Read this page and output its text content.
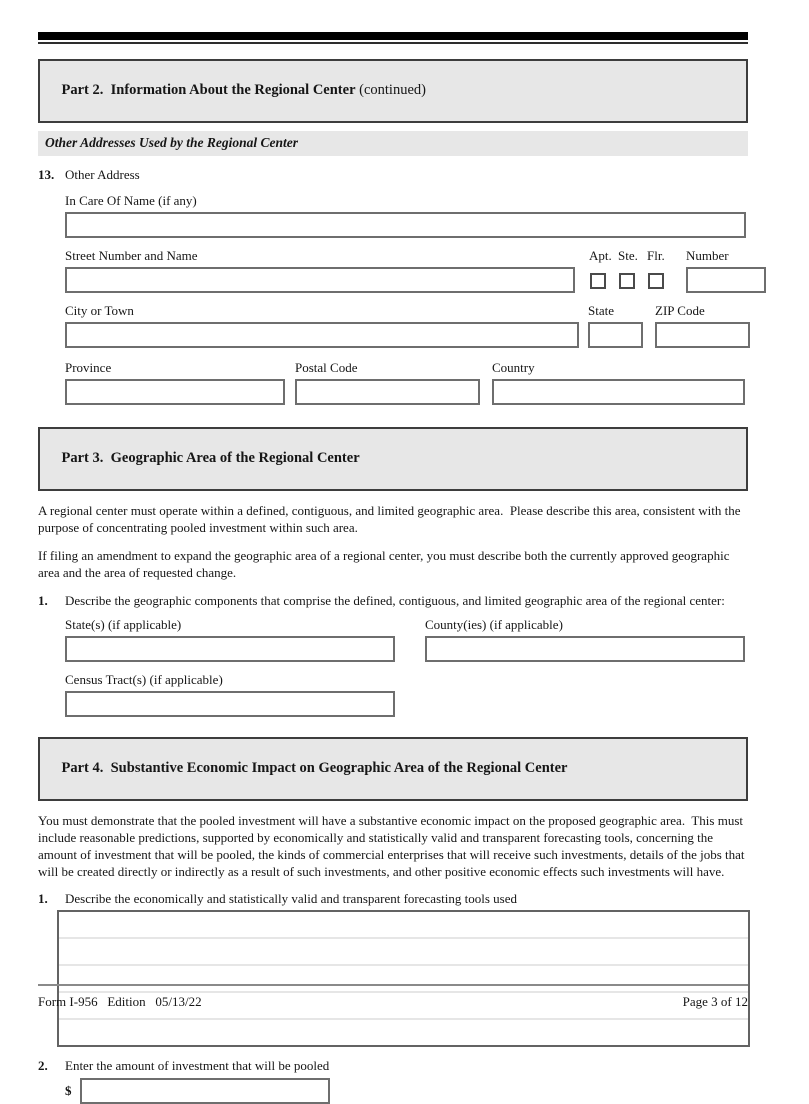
Part 2.  Information About the Regional Center (continued)

Other Addresses Used by the Regional Center
13. Other Address
In Care Of Name (if any)
Street Number and Name	Apt. Ste. Flr. Number
City or Town	State	ZIP Code
Province	Postal Code	Country

Part 3.  Geographic Area of the Regional Center

A regional center must operate within a defined, contiguous, and limited geographic area.  Please describe this area, consistent with the purpose of concentrating pooled investment within such area.
If filing an amendment to expand the geographic area of a regional center, you must describe both the currently approved geographic area and the area of requested change.
1.	Describe the geographic components that comprise the defined, contiguous, and limited geographic area of the regional center:
State(s) (if applicable)	County(ies) (if applicable)
Census Tract(s) (if applicable)

Part 4.  Substantive Economic Impact on Geographic Area of the Regional Center

You must demonstrate that the pooled investment will have a substantive economic impact on the proposed geographic area.  This must include reasonable predictions, supported by economically and statistically valid and transparent forecasting tools, concerning the amount of investment that will be pooled, the kinds of commercial enterprises that will receive such investments, details of the jobs that will be created directly or indirectly as a result of such investments, and other positive economic effects such investments will have.
1.	Describe the economically and statistically valid and transparent forecasting tools used
2.	Enter the amount of investment that will be pooled
$
Form I-956   Edition   05/13/22	Page 3 of 12
